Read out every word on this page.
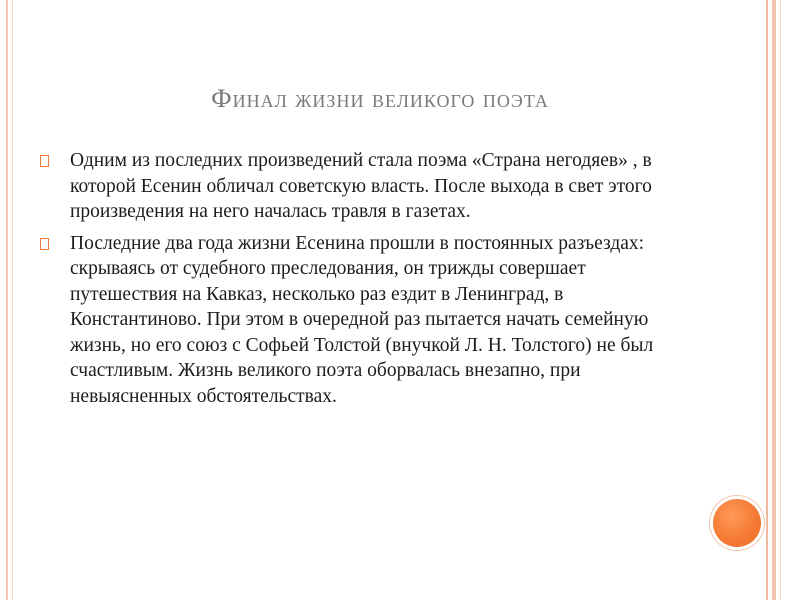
Финал жизни великого поэта
Одним из последних произведений стала поэма «Страна негодяев» , в которой Есенин обличал советскую власть. После выхода в свет этого произведения на него началась травля в газетах.
Последние два года жизни Есенина прошли в постоянных разъездах: скрываясь от судебного преследования, он трижды совершает путешествия на Кавказ, несколько раз ездит в Ленинград, в Константиново. При этом в очередной раз пытается начать семейную жизнь, но его союз с Софьей Толстой (внучкой Л. Н. Толстого) не был счастливым. Жизнь великого поэта оборвалась внезапно, при невыясненных обстоятельствах.
